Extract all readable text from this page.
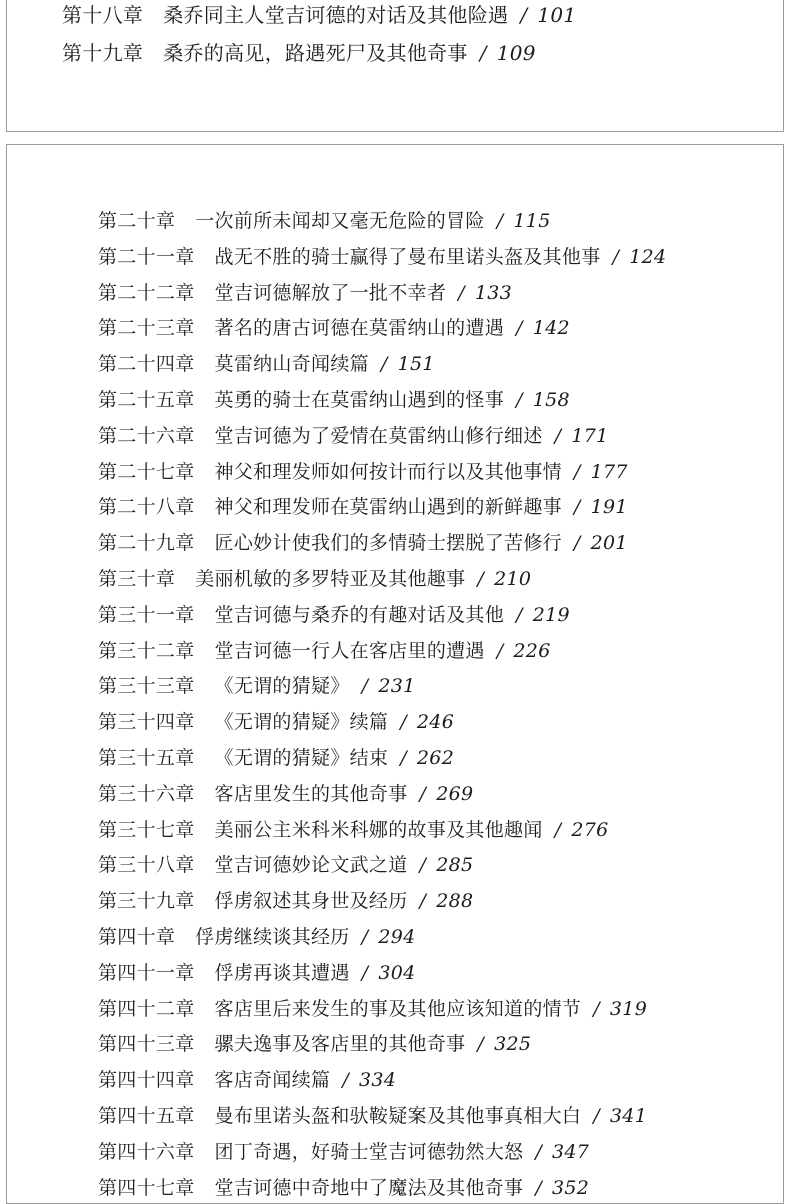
第十八章 桑乔同主人堂吉诃德的对话及其他险遇 / 101
第十九章 桑乔的高见，路遇死尸及其他奇事 / 109
第二十章 一次前所未闻却又毫无危险的冒险 / 115
第二十一章 战无不胜的骑士赢得了曼布里诺头盔及其他事 / 124
第二十二章 堂吉诃德解放了一批不幸者 / 133
第二十三章 著名的唐古诃德在莫雷纳山的遭遇 / 142
第二十四章 莫雷纳山奇闻续篇 / 151
第二十五章 英勇的骑士在莫雷纳山遇到的怪事 / 158
第二十六章 堂吉诃德为了爱情在莫雷纳山修行细述 / 171
第二十七章 神父和理发师如何按计而行以及其他事情 / 177
第二十八章 神父和理发师在莫雷纳山遇到的新鲜趣事 / 191
第二十九章 匠心妙计使我们的多情骑士摆脱了苦修行 / 201
第三十章 美丽机敏的多罗特亚及其他趣事 / 210
第三十一章 堂吉诃德与桑乔的有趣对话及其他 / 219
第三十二章 堂吉诃德一行人在客店里的遭遇 / 226
第三十三章 《无谓的猜疑》 / 231
第三十四章 《无谓的猜疑》续篇 / 246
第三十五章 《无谓的猜疑》结束 / 262
第三十六章 客店里发生的其他奇事 / 269
第三十七章 美丽公主米科米科娜的故事及其他趣闻 / 276
第三十八章 堂吉诃德妙论文武之道 / 285
第三十九章 俘虏叙述其身世及经历 / 288
第四十章 俘虏继续谈其经历 / 294
第四十一章 俘虏再谈其遭遇 / 304
第四十二章 客店里后来发生的事及其他应该知道的情节 / 319
第四十三章 骡夫逸事及客店里的其他奇事 / 325
第四十四章 客店奇闻续篇 / 334
第四十五章 曼布里诺头盔和驮鞍疑案及其他事真相大白 / 341
第四十六章 团丁奇遇，好骑士堂吉诃德勃然大怒 / 347
第四十七章 堂吉诃德中奇地中了魔法及其他奇事 / 352
